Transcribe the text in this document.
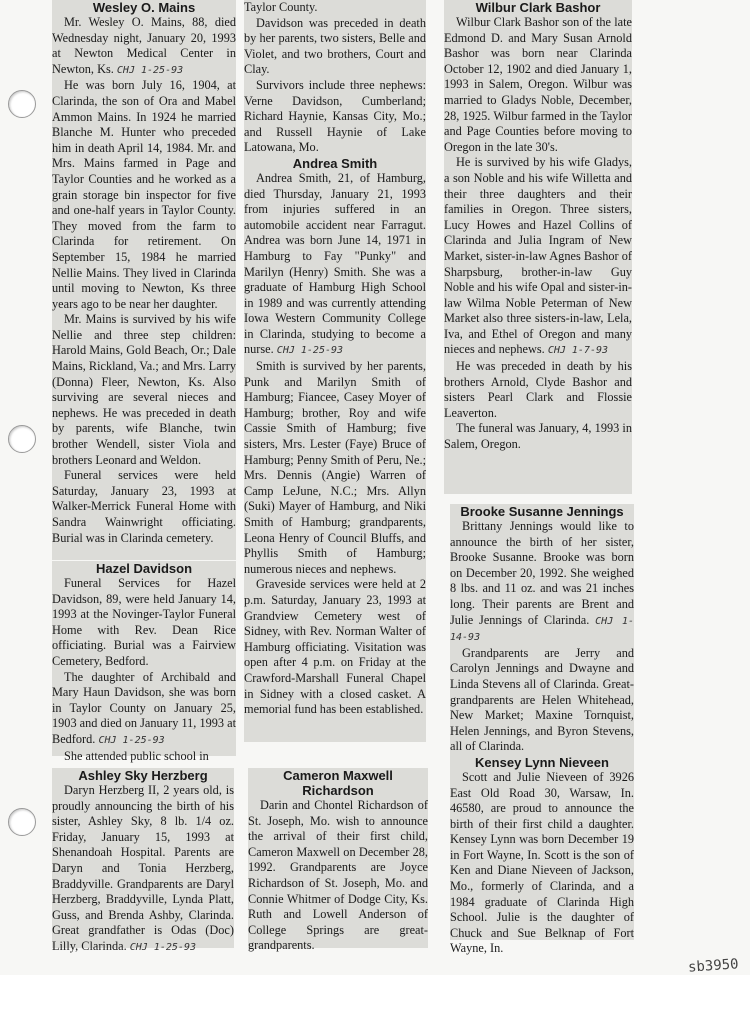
Wesley O. Mains

Mr. Wesley O. Mains, 88, died Wednesday night, January 20, 1993 at Newton Medical Center in Newton, Ks. CHJ 1-25-93

He was born July 16, 1904, at Clarinda, the son of Ora and Mabel Ammon Mains. In 1924 he married Blanche M. Hunter who preceded him in death April 14, 1984. Mr. and Mrs. Mains farmed in Page and Taylor Counties and he worked as a grain storage bin inspector for five and one-half years in Taylor County. They moved from the farm to Clarinda for retirement. On September 15, 1984 he married Nellie Mains. They lived in Clarinda until moving to Newton, Ks three years ago to be near her daughter.

Mr. Mains is survived by his wife Nellie and three step children: Harold Mains, Gold Beach, Or.; Dale Mains, Rickland, Va.; and Mrs. Larry (Donna) Fleer, Newton, Ks. Also surviving are several nieces and nephews. He was preceded in death by parents, wife Blanche, twin brother Wendell, sister Viola and brothers Leonard and Weldon.

Funeral services were held Saturday, January 23, 1993 at Walker-Merrick Funeral Home with Sandra Wainwright officiating. Burial was in Clarinda cemetery.

Hazel Davidson

Funeral Services for Hazel Davidson, 89, were held January 14, 1993 at the Novinger-Taylor Funeral Home with Rev. Dean Rice officiating. Burial was a Fairview Cemetery, Bedford.

The daughter of Archibald and Mary Haun Davidson, she was born in Taylor County on January 25, 1903 and died on January 11, 1993 at Bedford. CHJ 1-25-93

She attended public school in

Taylor County.

Davidson was preceded in death by her parents, two sisters, Belle and Violet, and two brothers, Court and Clay.

Survivors include three nephews: Verne Davidson, Cumberland; Richard Haynie, Kansas City, Mo.; and Russell Haynie of Lake Latowana, Mo.

Andrea Smith

Andrea Smith, 21, of Hamburg, died Thursday, January 21, 1993 from injuries suffered in an automobile accident near Farragut. Andrea was born June 14, 1971 in Hamburg to Fay "Punky" and Marilyn (Henry) Smith. She was a graduate of Hamburg High School in 1989 and was currently attending Iowa Western Community College in Clarinda, studying to become a nurse. CHJ 1-25-93

Smith is survived by her parents, Punk and Marilyn Smith of Hamburg; Fiancee, Casey Moyer of Hamburg; brother, Roy and wife Cassie Smith of Hamburg; five sisters, Mrs. Lester (Faye) Bruce of Hamburg; Penny Smith of Peru, Ne.; Mrs. Dennis (Angie) Warren of Camp LeJune, N.C.; Mrs. Allyn (Suki) Mayer of Hamburg, and Niki Smith of Hamburg; grandparents, Leona Henry of Council Bluffs, and Phyllis Smith of Hamburg; numerous nieces and nephews.

Graveside services were held at 2 p.m. Saturday, January 23, 1993 at Grandview Cemetery west of Sidney, with Rev. Norman Walter of Hamburg officiating. Visitation was open after 4 p.m. on Friday at the Crawford-Marshall Funeral Chapel in Sidney with a closed casket. A memorial fund has been established.

Wilbur Clark Bashor

Wilbur Clark Bashor son of the late Edmond D. and Mary Susan Arnold Bashor was born near Clarinda October 12, 1902 and died January 1, 1993 in Salem, Oregon. Wilbur was married to Gladys Noble, December, 28, 1925. Wilbur farmed in the Taylor and Page Counties before moving to Oregon in the late 30's.

He is survived by his wife Gladys, a son Noble and his wife Willetta and their three daughters and their families in Oregon. Three sisters, Lucy Howes and Hazel Collins of Clarinda and Julia Ingram of New Market, sister-in-law Agnes Bashor of Sharpsburg, brother-in-law Guy Noble and his wife Opal and sister-in-law Wilma Noble Peterman of New Market also three sisters-in-law, Lela, Iva, and Ethel of Oregon and many nieces and nephews. CHJ 1-7-93

He was preceded in death by his brothers Arnold, Clyde Bashor and sisters Pearl Clark and Flossie Leaverton.

The funeral was January, 4, 1993 in Salem, Oregon.

Brooke Susanne Jennings

Brittany Jennings would like to announce the birth of her sister, Brooke Susanne. Brooke was born on December 20, 1992. She weighed 8 lbs. and 11 oz. and was 21 inches long. Their parents are Brent and Julie Jennings of Clarinda. CHJ 1-14-93

Grandparents are Jerry and Carolyn Jennings and Dwayne and Linda Stevens all of Clarinda. Great-grandparents are Helen Whitehead, New Market; Maxine Tornquist, Helen Jennings, and Byron Stevens, all of Clarinda.

Kensey Lynn Nieveen

Scott and Julie Nieveen of 3926 East Old Road 30, Warsaw, In. 46580, are proud to announce the birth of their first child a daughter. Kensey Lynn was born December 19 in Fort Wayne, In. Scott is the son of Ken and Diane Nieveen of Jackson, Mo., formerly of Clarinda, and a 1984 graduate of Clarinda High School. Julie is the daughter of Chuck and Sue Belknap of Fort Wayne, In.

Ashley Sky Herzberg

Daryn Herzberg II, 2 years old, is proudly announcing the birth of his sister, Ashley Sky, 8 lb. 1/4 oz. Friday, January 15, 1993 at Shenandoah Hospital. Parents are Daryn and Tonia Herzberg, Braddyville. Grandparents are Daryl Herzberg, Braddyville, Lynda Platt, Guss, and Brenda Ashby, Clarinda. Great grandfather is Odas (Doc) Lilly, Clarinda. CHJ 1-25-93

Cameron Maxwell Richardson

Darin and Chontel Richardson of St. Joseph, Mo. wish to announce the arrival of their first child, Cameron Maxwell on December 28, 1992. Grandparents are Joyce Richardson of St. Joseph, Mo. and Connie Whitmer of Dodge City, Ks. Ruth and Lowell Anderson of College Springs are great-grandparents.

sb3950
